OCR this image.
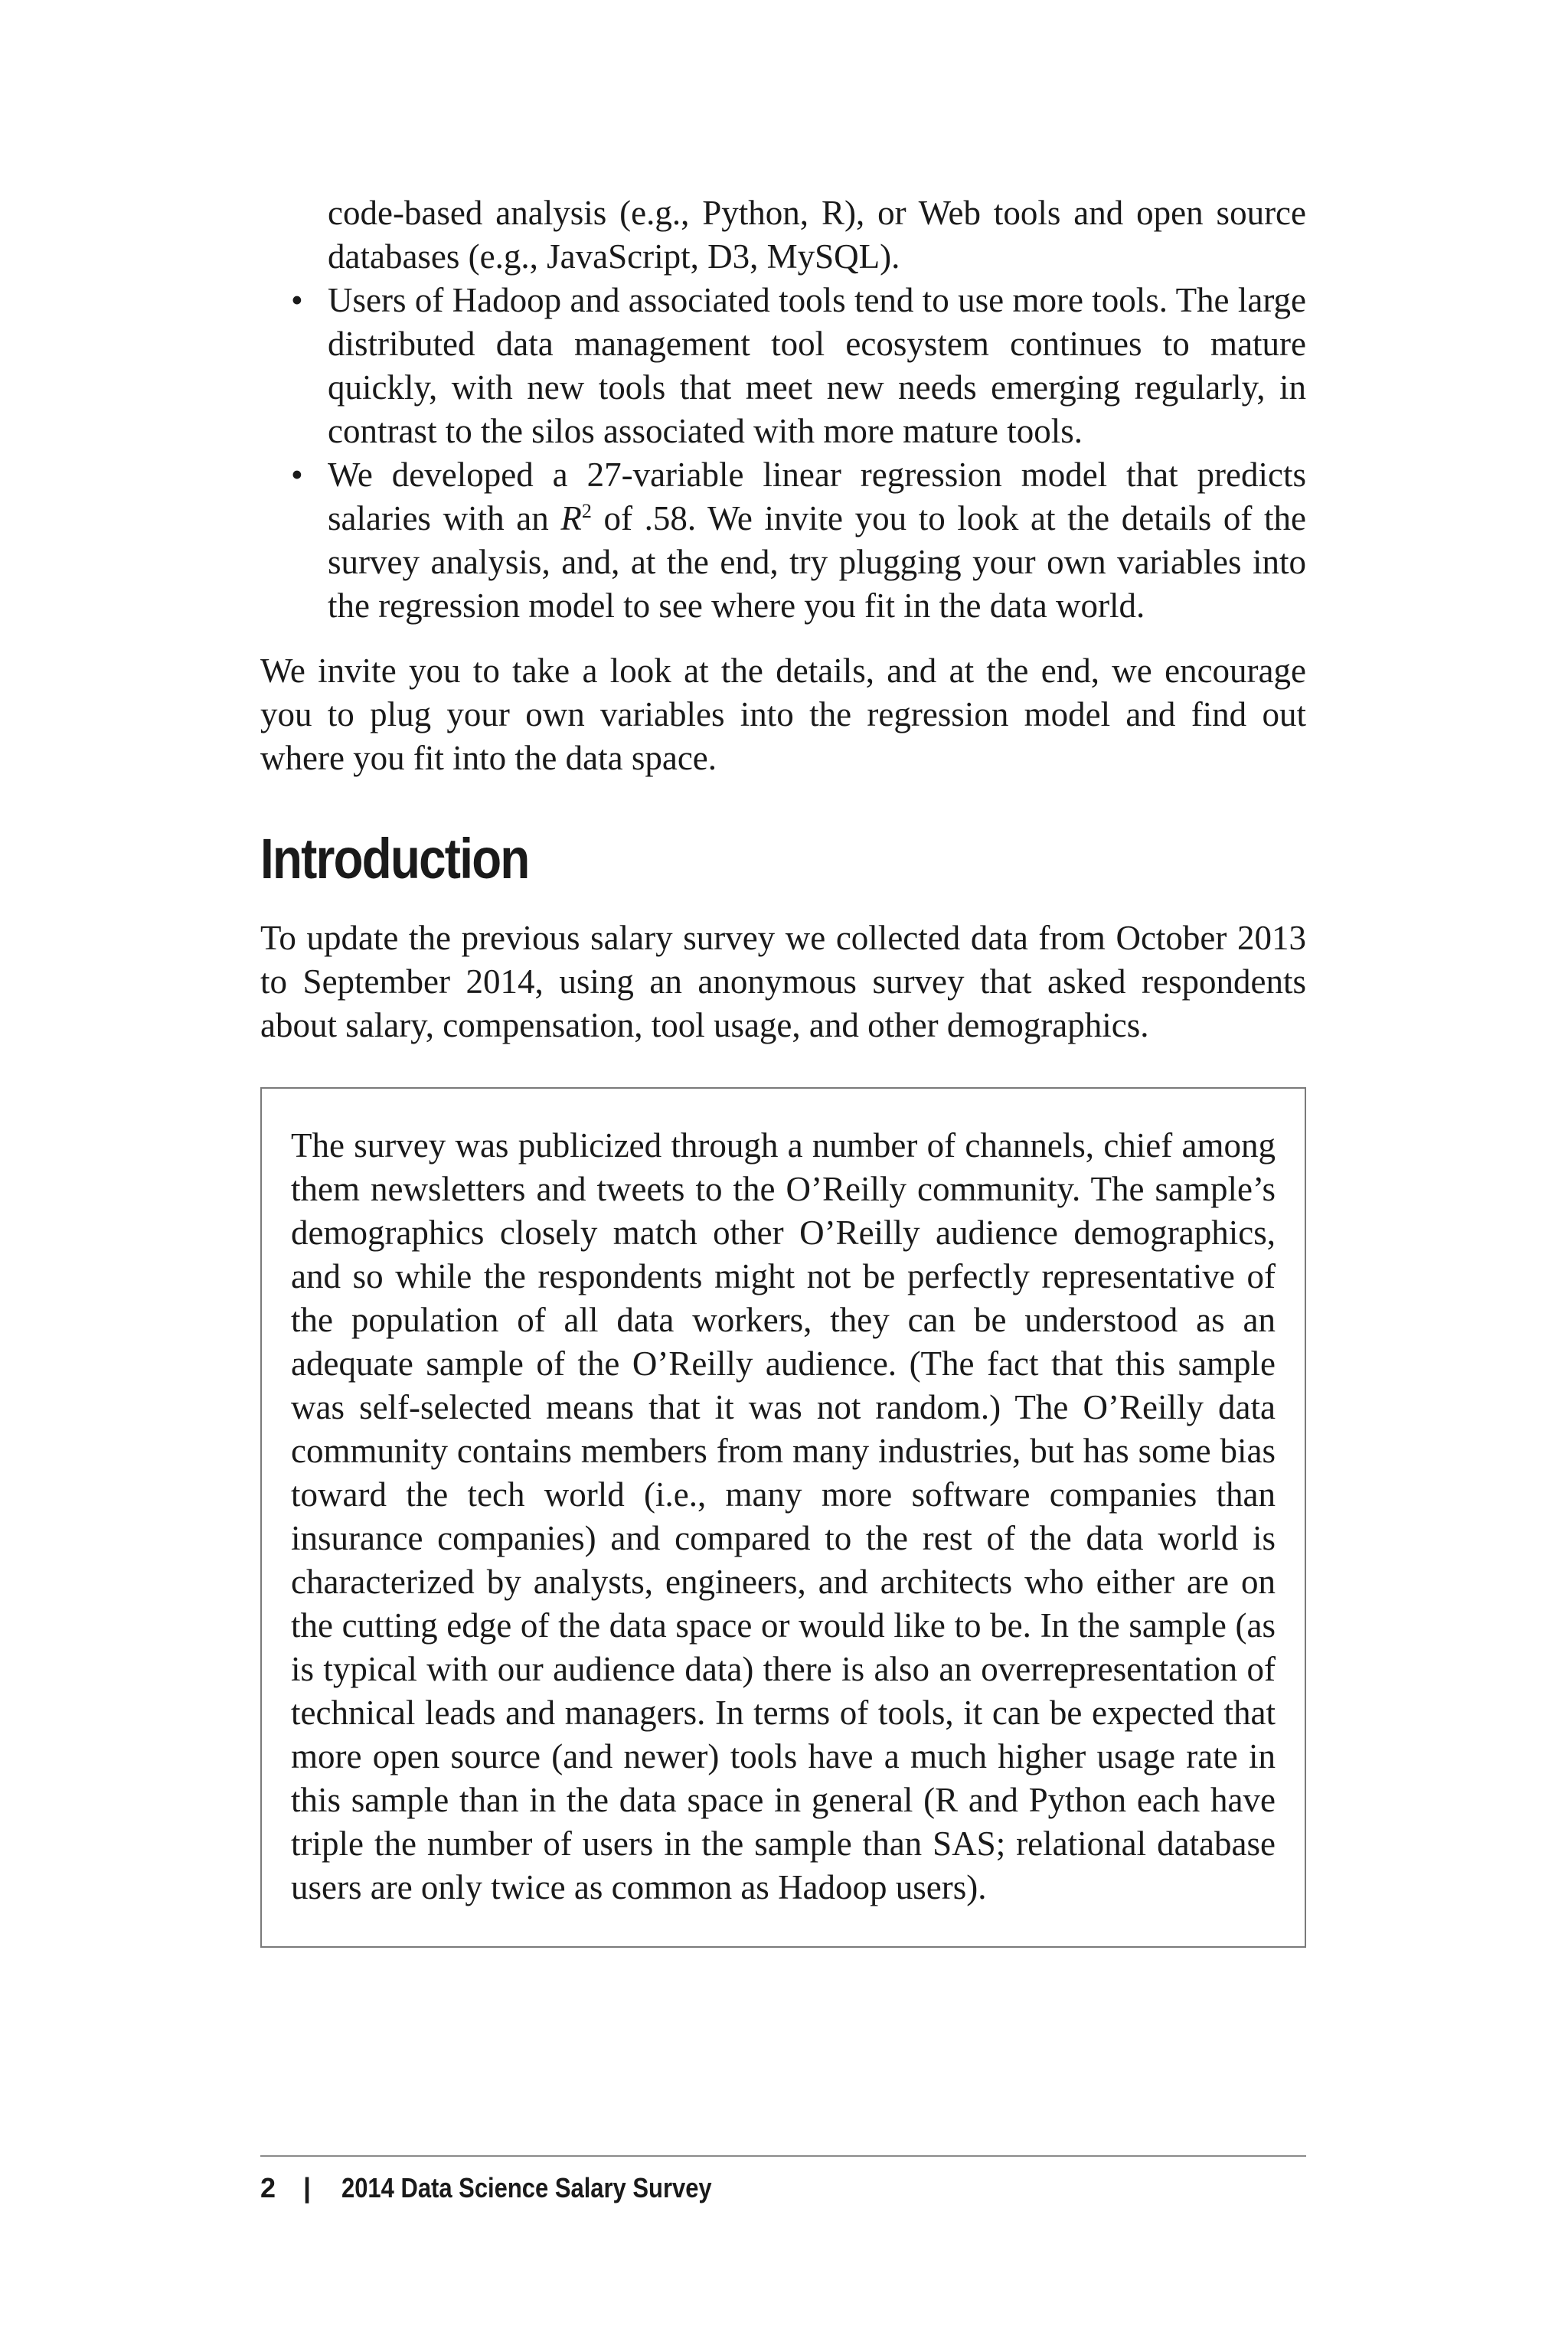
code-based analysis (e.g., Python, R), or Web tools and open source databases (e.g., JavaScript, D3, MySQL).

• Users of Hadoop and associated tools tend to use more tools. The large distributed data management tool ecosystem continues to mature quickly, with new tools that meet new needs emerging regularly, in contrast to the silos associated with more mature tools.
• We developed a 27-variable linear regression model that predicts salaries with an $R^2$ of .58. We invite you to look at the details of the survey analysis, and, at the end, try plugging your own variables into the regression model to see where you fit in the data world.

We invite you to take a look at the details, and at the end, we encourage you to plug your own variables into the regression model and find out where you fit into the data space.

Introduction

To update the previous salary survey we collected data from October 2013 to September 2014, using an anonymous survey that asked respondents about salary, compensation, tool usage, and other demographics.

The survey was publicized through a number of channels, chief among them newsletters and tweets to the O’Reilly community. The sample’s demographics closely match other O’Reilly audience demographics, and so while the respondents might not be perfectly representative of the population of all data workers, they can be understood as an adequate sample of the O’Reilly audience. (The fact that this sample was self-selected means that it was not random.) The O’Reilly data community contains members from many industries, but has some bias toward the tech world (i.e., many more software companies than insurance companies) and compared to the rest of the data world is characterized by analysts, engineers, and architects who either are on the cutting edge of the data space or would like to be. In the sample (as is typical with our audience data) there is also an overrepresentation of technical leads and managers. In terms of tools, it can be expected that more open source (and newer) tools have a much higher usage rate in this sample than in the data space in general (R and Python each have triple the number of users in the sample than SAS; relational database users are only twice as common as Hadoop users).

2 | 2014 Data Science Salary Survey
